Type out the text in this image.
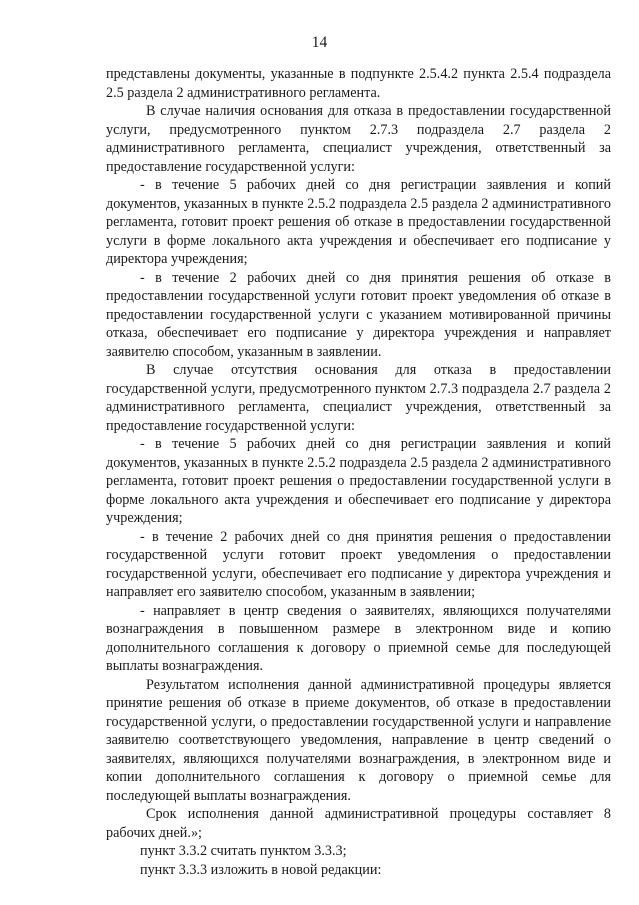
14

представлены документы, указанные в подпункте 2.5.4.2 пункта 2.5.4 подраздела 2.5 раздела 2 административного регламента.

В случае наличия основания для отказа в предоставлении государственной услуги, предусмотренного пунктом 2.7.3 подраздела 2.7 раздела 2 административного регламента, специалист учреждения, ответственный за предоставление государственной услуги:

- в течение 5 рабочих дней со дня регистрации заявления и копий документов, указанных в пункте 2.5.2 подраздела 2.5 раздела 2 административного регламента, готовит проект решения об отказе в предоставлении государственной услуги в форме локального акта учреждения и обеспечивает его подписание у директора учреждения;

- в течение 2 рабочих дней со дня принятия решения об отказе в предоставлении государственной услуги готовит проект уведомления об отказе в предоставлении государственной услуги с указанием мотивированной причины отказа, обеспечивает его подписание у директора учреждения и направляет заявителю способом, указанным в заявлении.

В случае отсутствия основания для отказа в предоставлении государственной услуги, предусмотренного пунктом 2.7.3 подраздела 2.7 раздела 2 административного регламента, специалист учреждения, ответственный за предоставление государственной услуги:

- в течение 5 рабочих дней со дня регистрации заявления и копий документов, указанных в пункте 2.5.2 подраздела 2.5 раздела 2 административного регламента, готовит проект решения о предоставлении государственной услуги в форме локального акта учреждения и обеспечивает его подписание у директора учреждения;

- в течение 2 рабочих дней со дня принятия решения о предоставлении государственной услуги готовит проект уведомления о предоставлении государственной услуги, обеспечивает его подписание у директора учреждения и направляет его заявителю способом, указанным в заявлении;

- направляет в центр сведения о заявителях, являющихся получателями вознаграждения в повышенном размере в электронном виде и копию дополнительного соглашения к договору о приемной семье для последующей выплаты вознаграждения.

Результатом исполнения данной административной процедуры является принятие решения об отказе в приеме документов, об отказе в предоставлении государственной услуги, о предоставлении государственной услуги и направление заявителю соответствующего уведомления, направление в центр сведений о заявителях, являющихся получателями вознаграждения, в электронном виде и копии дополнительного соглашения к договору о приемной семье для последующей выплаты вознаграждения.

Срок исполнения данной административной процедуры составляет 8 рабочих дней.»;

пункт 3.3.2 считать пунктом 3.3.3;

пункт 3.3.3 изложить в новой редакции:
